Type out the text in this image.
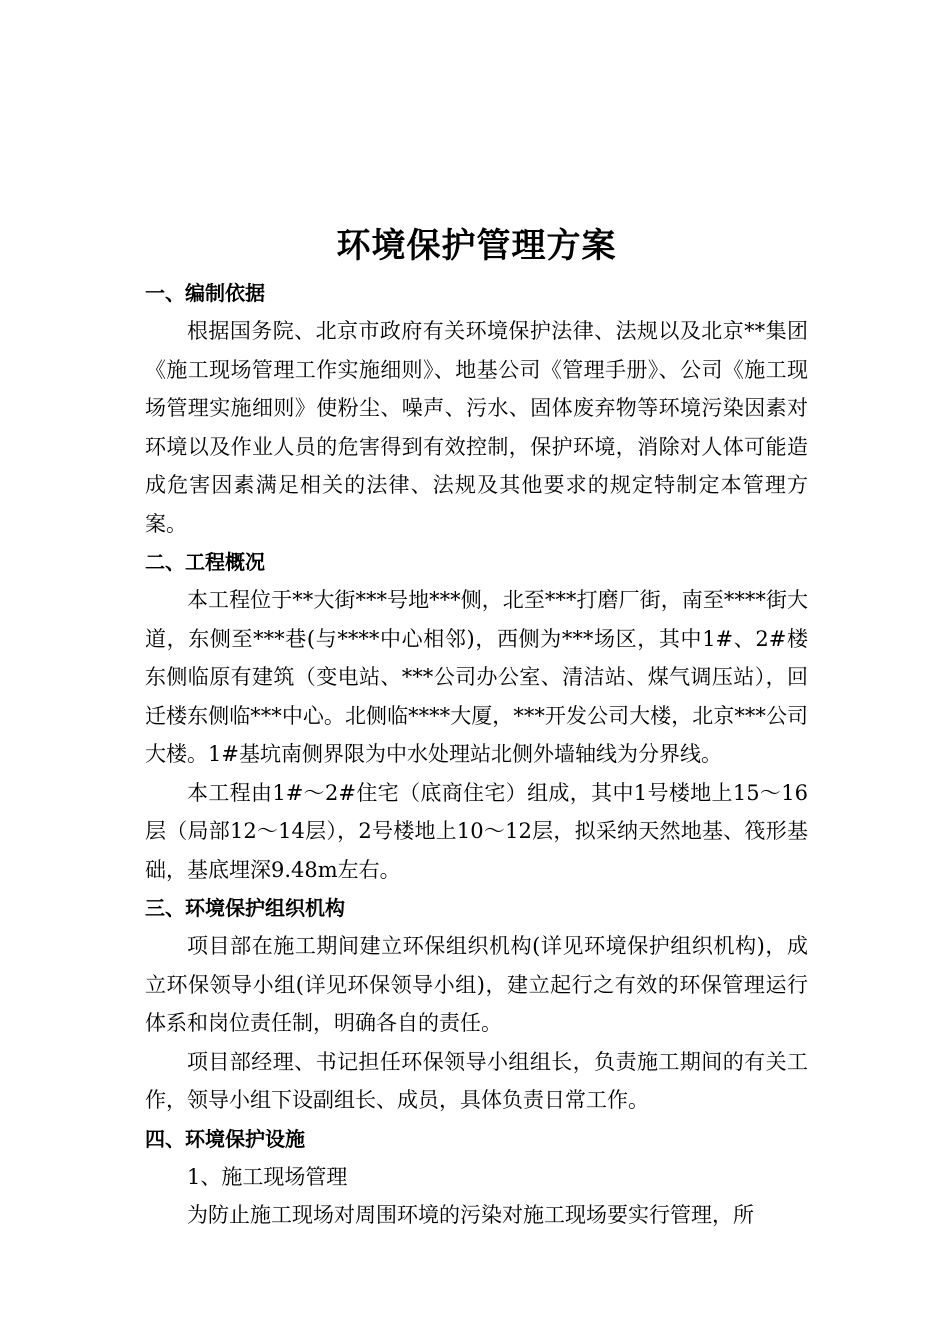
环境保护管理方案
一、编制依据

根据国务院、北京市政府有关环境保护法律、法规以及北京**集团《施工现场管理工作实施细则》、地基公司《管理手册》、公司《施工现场管理实施细则》使粉尘、噪声、污水、固体废弃物等环境污染因素对环境以及作业人员的危害得到有效控制，保护环境，消除对人体可能造成危害因素满足相关的法律、法规及其他要求的规定特制定本管理方案。

二、工程概况

本工程位于**大街***号地***侧，北至***打磨厂街，南至****街大道，东侧至***巷(与****中心相邻)，西侧为***场区，其中1#、2#楼东侧临原有建筑（变电站、***公司办公室、清洁站、煤气调压站），回迁楼东侧临***中心。北侧临****大厦，***开发公司大楼，北京***公司大楼。1#基坑南侧界限为中水处理站北侧外墙轴线为分界线。

本工程由1#～2#住宅（底商住宅）组成，其中1号楼地上15～16层（局部12～14层），2号楼地上10～12层，拟采纳天然地基、筏形基础，基底埋深9.48m左右。

三、环境保护组织机构

项目部在施工期间建立环保组织机构(详见环境保护组织机构)，成立环保领导小组(详见环保领导小组)，建立起行之有效的环保管理运行体系和岗位责任制，明确各自的责任。

项目部经理、书记担任环保领导小组组长，负责施工期间的有关工作，领导小组下设副组长、成员，具体负责日常工作。

四、环境保护设施

1、施工现场管理

为防止施工现场对周围环境的污染对施工现场要实行管理，所
